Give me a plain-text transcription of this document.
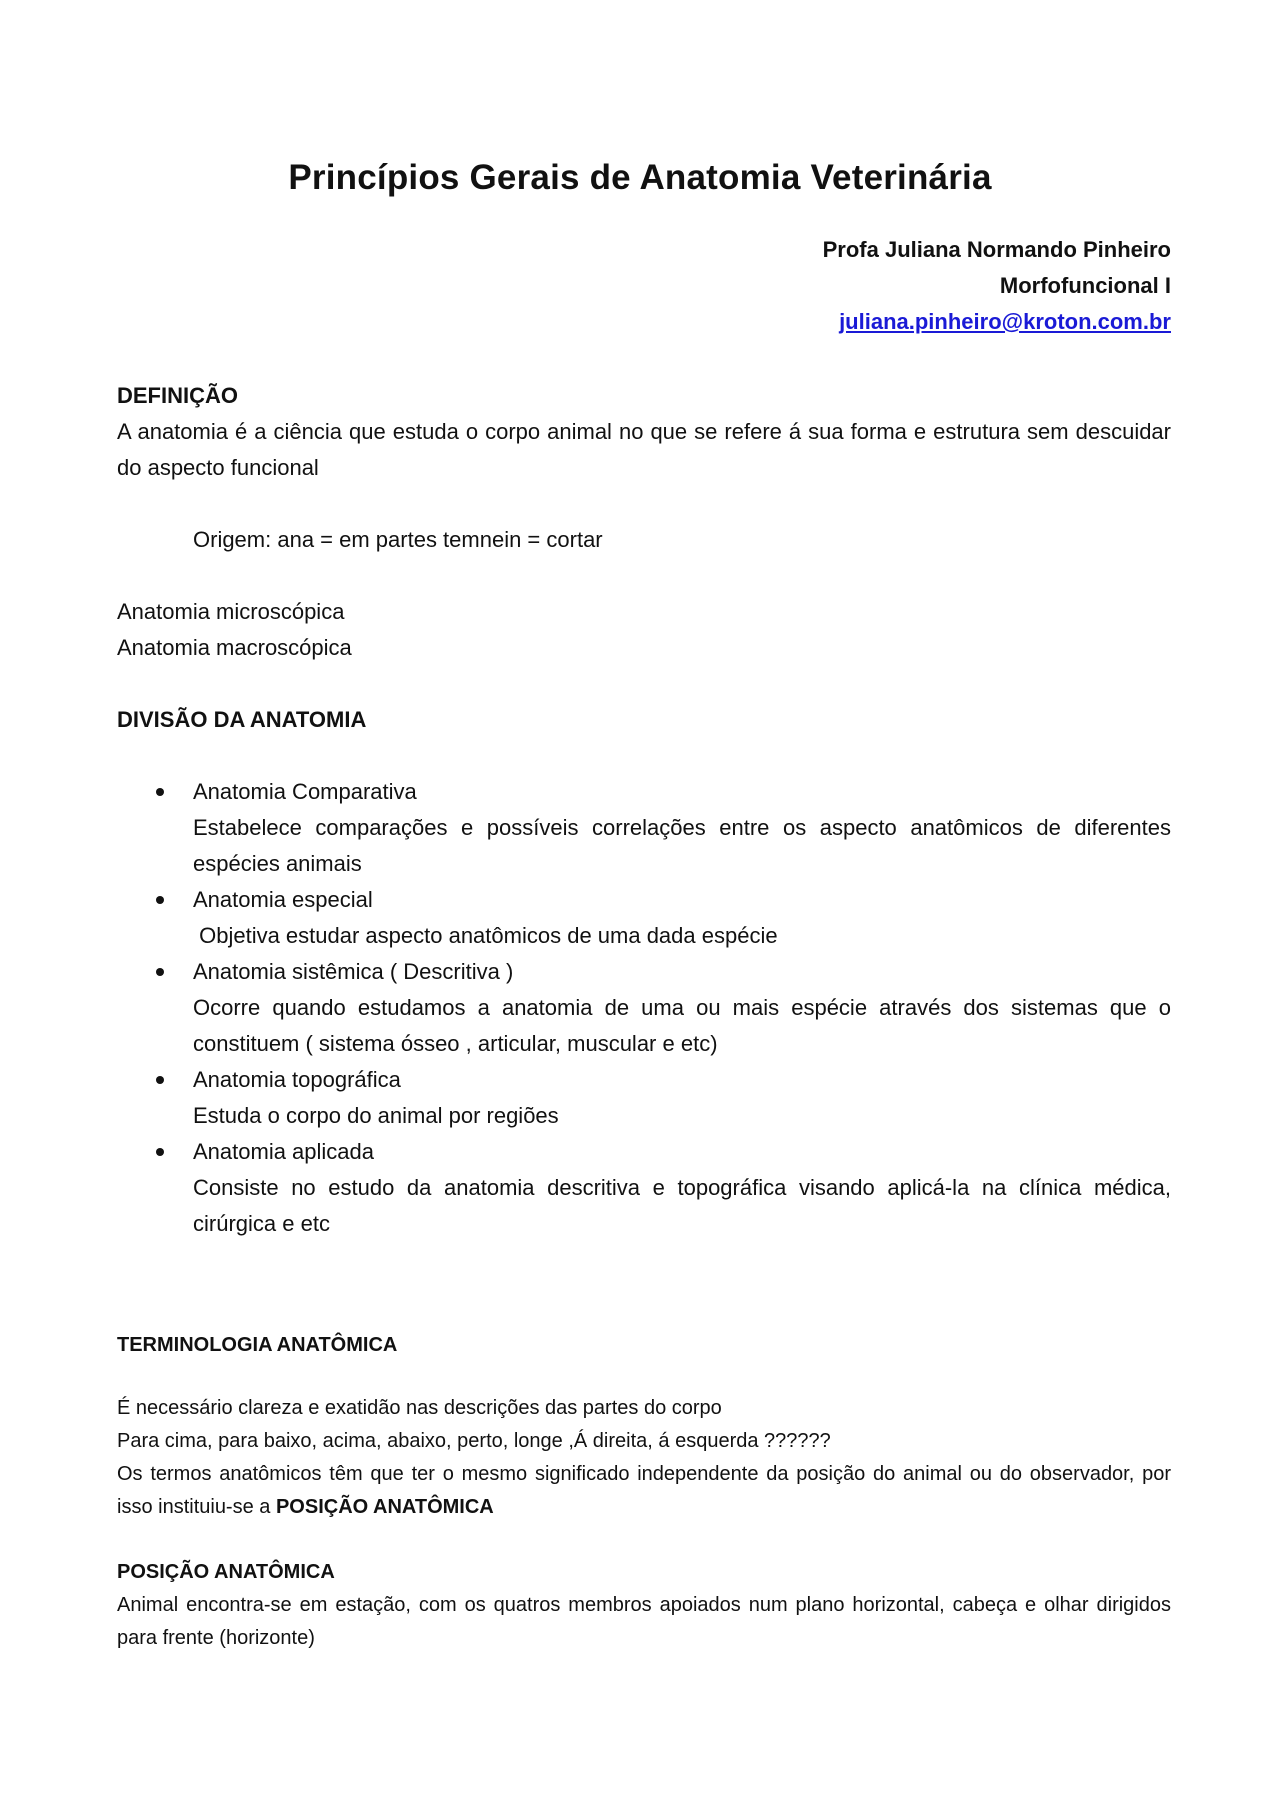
Princípios Gerais de Anatomia Veterinária
Profa Juliana Normando Pinheiro
Morfofuncional I
juliana.pinheiro@kroton.com.br
DEFINIÇÃO
A anatomia é a ciência que estuda o corpo animal no que se refere á sua forma e estrutura sem descuidar do aspecto funcional
Origem: ana = em partes temnein = cortar
Anatomia microscópica
Anatomia macroscópica
DIVISÃO DA ANATOMIA
Anatomia Comparativa
Estabelece comparações e possíveis correlações entre os aspecto anatômicos de diferentes espécies animais
Anatomia especial
Objetiva estudar aspecto anatômicos de uma dada espécie
Anatomia sistêmica ( Descritiva )
Ocorre quando estudamos a anatomia de uma ou mais espécie através dos sistemas que o constituem ( sistema ósseo , articular, muscular e etc)
Anatomia topográfica
Estuda o corpo do animal por regiões
Anatomia aplicada
Consiste no estudo da anatomia descritiva e topográfica visando aplicá-la na clínica médica, cirúrgica e etc
TERMINOLOGIA ANATÔMICA
É necessário clareza e exatidão nas descrições das partes do corpo
Para cima, para baixo, acima, abaixo, perto, longe ,Á direita, á esquerda ??????
Os termos anatômicos têm que ter o mesmo significado independente da posição do animal ou do observador, por isso instituiu-se a POSIÇÃO ANATÔMICA
POSIÇÃO ANATÔMICA
Animal encontra-se em estação, com os quatros membros apoiados num plano horizontal, cabeça e olhar dirigidos para frente (horizonte)
